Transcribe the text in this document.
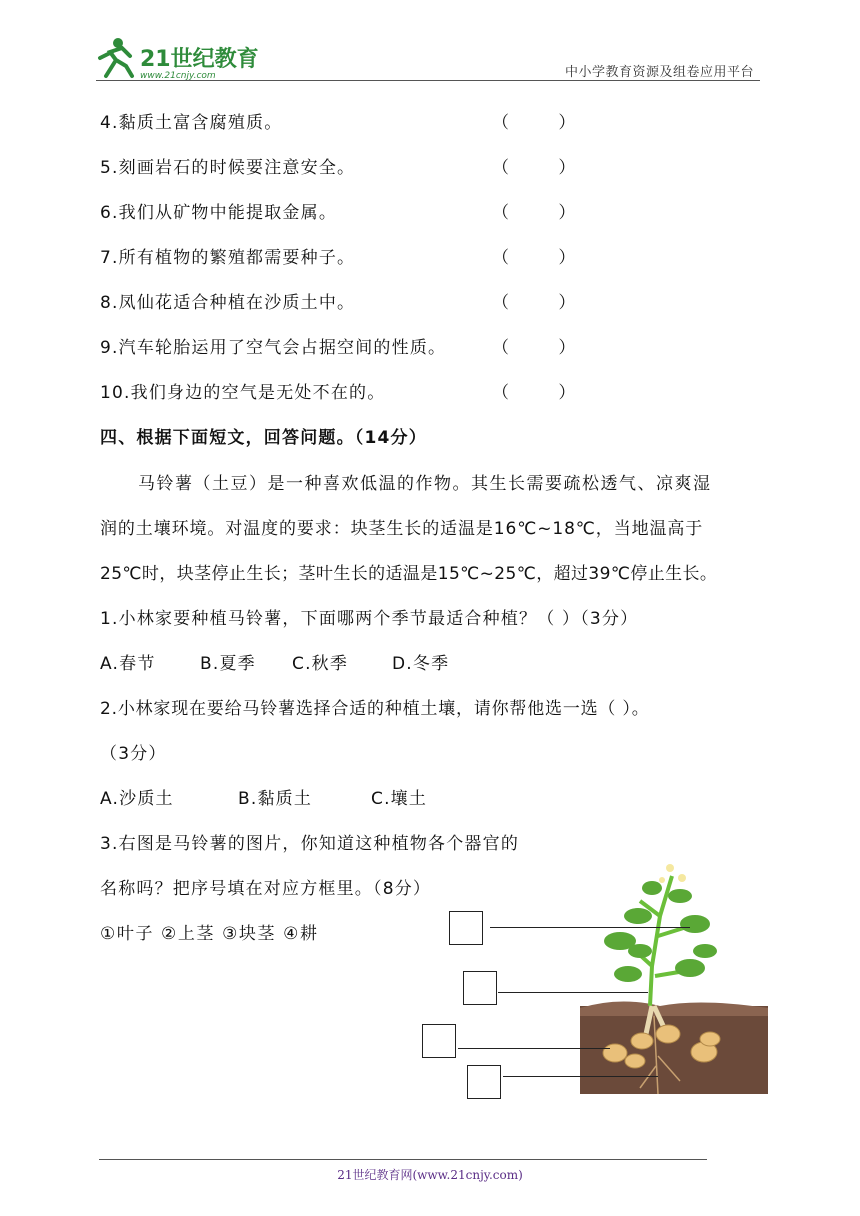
21世纪教育
www.21cnjy.com	中小学教育资源及组卷应用平台
4.黏质土富含腐殖质。	（ ）
5.刻画岩石的时候要注意安全。	（ ）
6.我们从矿物中能提取金属。	（ ）
7.所有植物的繁殖都需要种子。	（ ）
8.凤仙花适合种植在沙质土中。	（ ）
9.汽车轮胎运用了空气会占据空间的性质。	（ ）
10.我们身边的空气是无处不在的。	（ ）
四、根据下面短文，回答问题。（14分）
马铃薯（土豆）是一种喜欢低温的作物。其生长需要疏松透气、凉爽湿
润的土壤环境。对温度的要求：块茎生长的适温是16℃~18℃，当地温高于
25℃时，块茎停止生长；茎叶生长的适温是15℃~25℃，超过39℃停止生长。
1.小林家要种植马铃薯，下面哪两个季节最适合种植？（ ）（3分）
A.春节	B.夏季 C.秋季	D.冬季
2.小林家现在要给马铃薯选择合适的种植土壤，请你帮他选一选（ ）。
（3分）
A.沙质土	B.黏质土	C.壤土
3.右图是马铃薯的图片，你知道这种植物各个器官的
名称吗？把序号填在对应方框里。（8分）
①叶子 ②上茎 ③块茎 ④耕
21世纪教育网(www.21cnjy.com)
